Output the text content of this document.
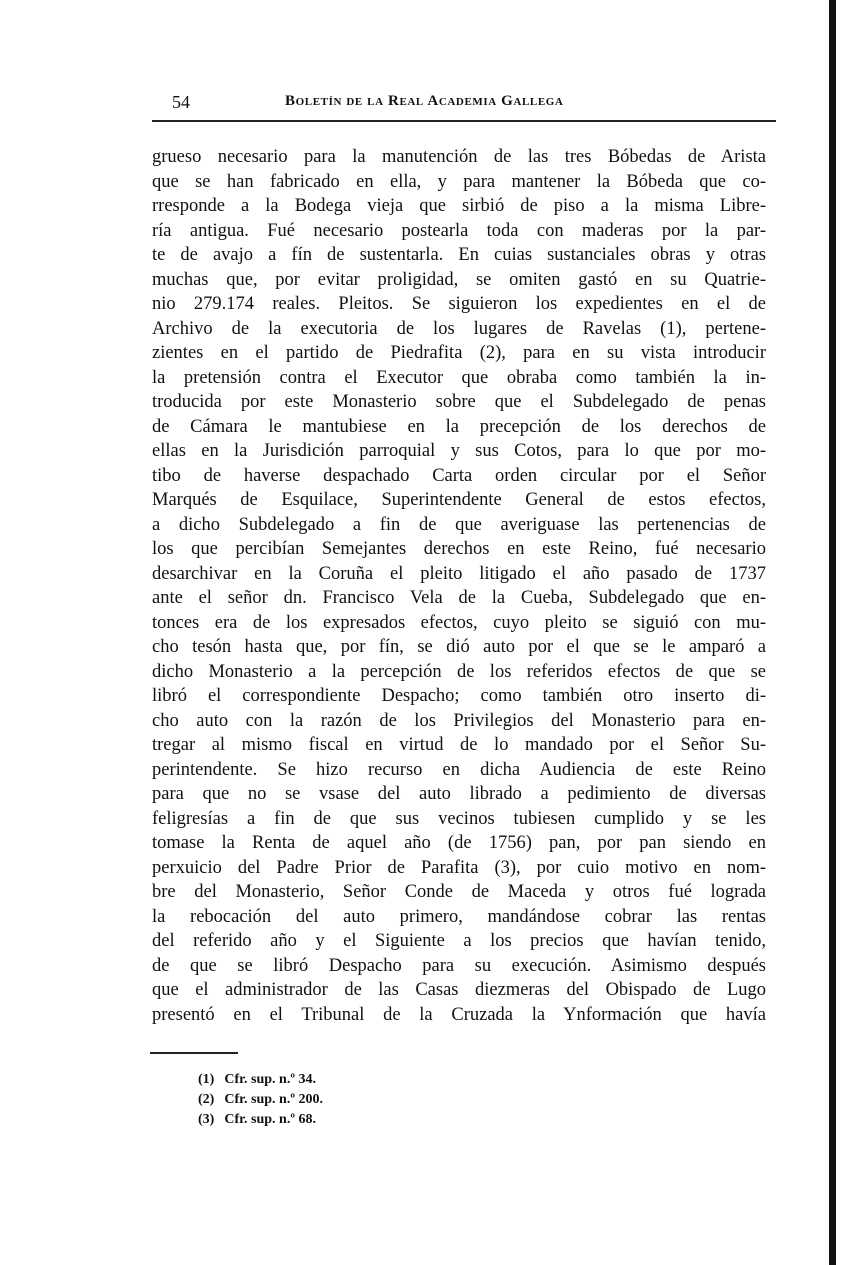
54	Boletín de la Real Academia Gallega
grueso necesario para la manutención de las tres Bóbedas de Arista
que se han fabricado en ella, y para mantener la Bóbeda que co-
rresponde a la Bodega vieja que sirbió de piso a la misma Libre-
ría antigua. Fué necesario postearla toda con maderas por la par-
te de avajo a fín de sustentarla. En cuias sustanciales obras y otras
muchas que, por evitar proligidad, se omiten gastó en su Quatrie-
nio 279.174 reales. Pleitos. Se siguieron los expedientes en el de
Archivo de la executoria de los lugares de Ravelas (1), pertene-
zientes en el partido de Piedrafita (2), para en su vista introducir
la pretensión contra el Executor que obraba como también la in-
troducida por este Monasterio sobre que el Subdelegado de penas
de Cámara le mantubiese en la precepción de los derechos de
ellas en la Jurisdición parroquial y sus Cotos, para lo que por mo-
tibo de haverse despachado Carta orden circular por el Señor
Marqués de Esquilace, Superintendente General de estos efectos,
a dicho Subdelegado a fin de que averiguase las pertenencias de
los que percibían Semejantes derechos en este Reino, fué necesario
desarchivar en la Coruña el pleito litigado el año pasado de 1737
ante el señor dn. Francisco Vela de la Cueba, Subdelegado que en-
tonces era de los expresados efectos, cuyo pleito se siguió con mu-
cho tesón hasta que, por fín, se dió auto por el que se le amparó a
dicho Monasterio a la percepción de los referidos efectos de que se
libró el correspondiente Despacho; como también otro inserto di-
cho auto con la razón de los Privilegios del Monasterio para en-
tregar al mismo fiscal en virtud de lo mandado por el Señor Su-
perintendente. Se hizo recurso en dicha Audiencia de este Reino
para que no se vsase del auto librado a pedimiento de diversas
feligresías a fin de que sus vecinos tubiesen cumplido y se les
tomase la Renta de aquel año (de 1756) pan, por pan siendo en
perxuicio del Padre Prior de Parafita (3), por cuio motivo en nom-
bre del Monasterio, Señor Conde de Maceda y otros fué lograda
la rebocación del auto primero, mandándose cobrar las rentas
del referido año y el Siguiente a los precios que havían tenido,
de que se libró Despacho para su execución. Asimismo después
que el administrador de las Casas diezmeras del Obispado de Lugo
presentó en el Tribunal de la Cruzada la Ynformación que havía
(1) Cfr. sup. n.º 34.
(2) Cfr. sup. n.º 200.
(3) Cfr. sup. n.º 68.
